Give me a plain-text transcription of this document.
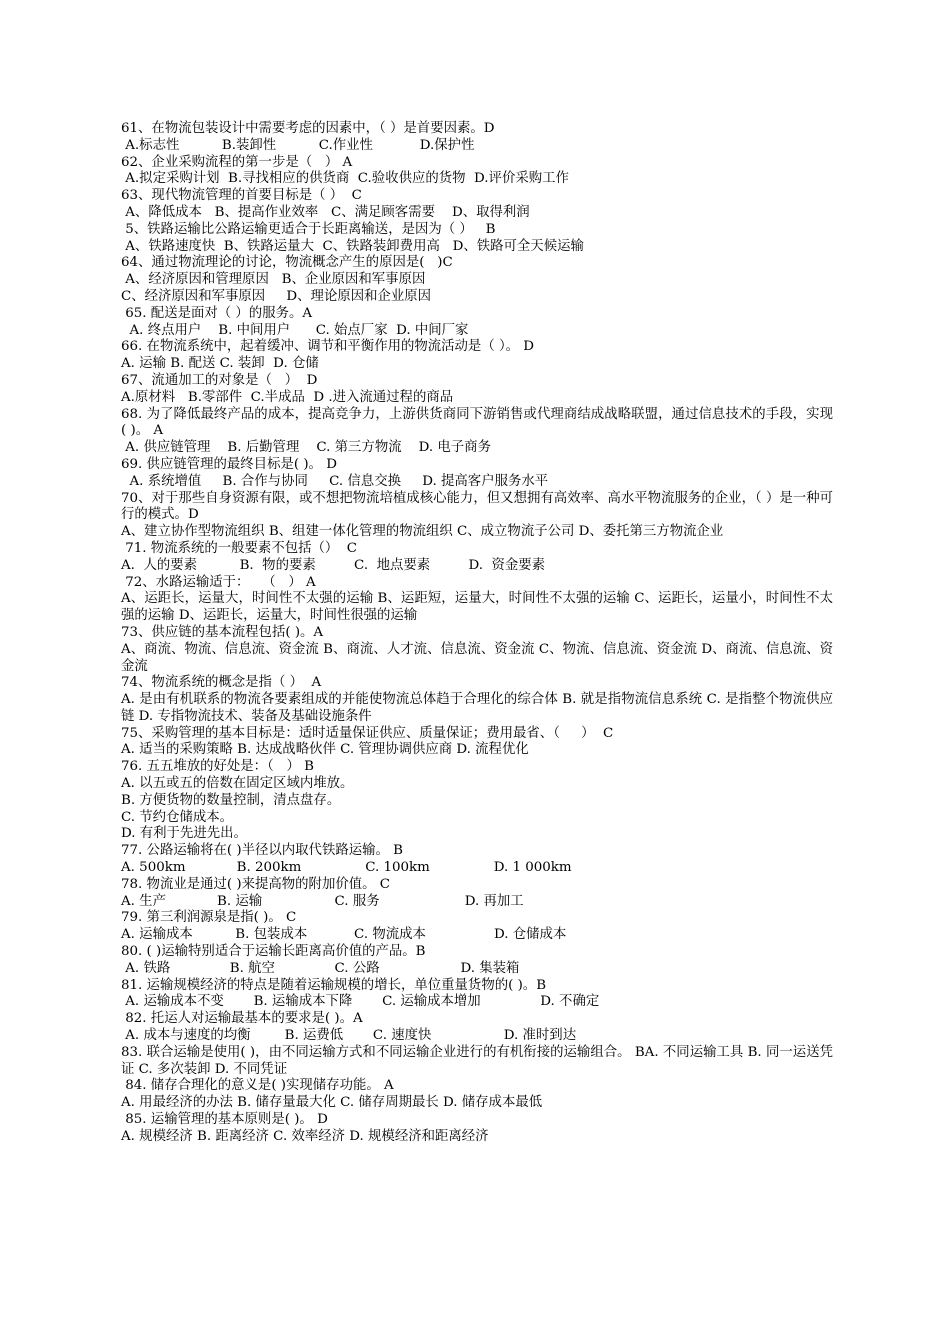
61、在物流包装设计中需要考虑的因素中，（ ）是首要因素。D
A.标志性          B.装卸性          C.作业性           D.保护性
62、企业采购流程的第一步是（   ） A
A.拟定采购计划  B.寻找相应的供货商  C.验收供应的货物  D.评价采购工作
63、现代物流管理的首要目标是（ ）  C
A、降低成本   B、提高作业效率   C、满足顾客需要    D、取得利润
5、铁路运输比公路运输更适合于长距离输送，是因为（ ）   B
A、铁路速度快  B、铁路运量大  C、铁路装卸费用高   D、铁路可全天候运输
64、通过物流理论的讨论，物流概念产生的原因是(   )C
A、经济原因和管理原因   B、企业原因和军事原因
C、经济原因和军事原因     D、理论原因和企业原因
65. 配送是面对（ ）的服务。A
A. 终点用户    B. 中间用户      C. 始点厂家  D. 中间厂家
66. 在物流系统中，起着缓冲、调节和平衡作用的物流活动是（ ）。 D
A. 运输 B. 配送 C. 装卸  D. 仓储
67、流通加工的对象是（   ）  D
A.原材料   B.零部件  C.半成品  D .进入流通过程的商品
68. 为了降低最终产品的成本，提高竞争力，上游供货商同下游销售或代理商结成战略联盟，通过信息技术的手段，实现( )。 A
A. 供应链管理    B. 后勤管理    C. 第三方物流    D. 电子商务
69. 供应链管理的最终目标是( )。 D
A. 系统增值     B. 合作与协同     C. 信息交换     D. 提高客户服务水平
70、对于那些自身资源有限，或不想把物流培植成核心能力，但又想拥有高效率、高水平物流服务的企业，（ ）是一种可行的模式。D
A、建立协作型物流组织 B、组建一体化管理的物流组织 C、成立物流子公司 D、委托第三方物流企业
71. 物流系统的一般要素不包括（）  C
A.  人的要素          B.  物的要素         C.  地点要素         D.  资金要素
72、水路运输适于：   （   ） A
A、运距长，运量大，时间性不太强的运输 B、运距短，运量大，时间性不太强的运输 C、运距长，运量小，时间性不太强的运输 D、运距长，运量大，时间性很强的运输
73、供应链的基本流程包括( )。A
A、商流、物流、信息流、资金流 B、商流、人才流、信息流、资金流 C、物流、信息流、资金流 D、商流、信息流、资金流
74、物流系统的概念是指（ ）  A
A. 是由有机联系的物流各要素组成的并能使物流总体趋于合理化的综合体 B. 就是指物流信息系统 C. 是指整个物流供应链 D. 专指物流技术、装备及基础设施条件
75、采购管理的基本目标是：适时适量保证供应、质量保证；费用最省、（     ）  C
A. 适当的采购策略 B. 达成战略伙伴 C. 管理协调供应商 D. 流程优化
76. 五五堆放的好处是：（   ） B
A. 以五或五的倍数在固定区域内堆放。
B. 方便货物的数量控制，清点盘存。
C. 节约仓储成本。
D. 有利于先进先出。
77. 公路运输将在( )半径以内取代铁路运输。 B
A. 500km            B. 200km               C. 100km               D. 1 000km
78. 物流业是通过( )来提高物的附加价值。 C
A. 生产            B. 运输                 C. 服务                    D. 再加工
79. 第三利润源泉是指( )。 C
A. 运输成本          B. 包装成本           C. 物流成本                D. 仓储成本
80. ( )运输特别适合于运输长距离高价值的产品。B
A. 铁路              B. 航空              C. 公路                   D. 集装箱
81. 运输规模经济的特点是随着运输规模的增长，单位重量货物的( )。B
A. 运输成本不变       B. 运输成本下降       C. 运输成本增加              D. 不确定
82. 托运人对运输最基本的要求是( )。A
A. 成本与速度的均衡        B. 运费低       C. 速度快                 D. 准时到达
83. 联合运输是使用( )，由不同运输方式和不同运输企业进行的有机衔接的运输组合。 BA. 不同运输工具 B. 同一运送凭证 C. 多次装卸 D. 不同凭证
84. 储存合理化的意义是( )实现储存功能。 A
A. 用最经济的办法 B. 储存量最大化 C. 储存周期最长 D. 储存成本最低
85. 运输管理的基本原则是( )。 D
A. 规模经济 B. 距离经济 C. 效率经济 D. 规模经济和距离经济
